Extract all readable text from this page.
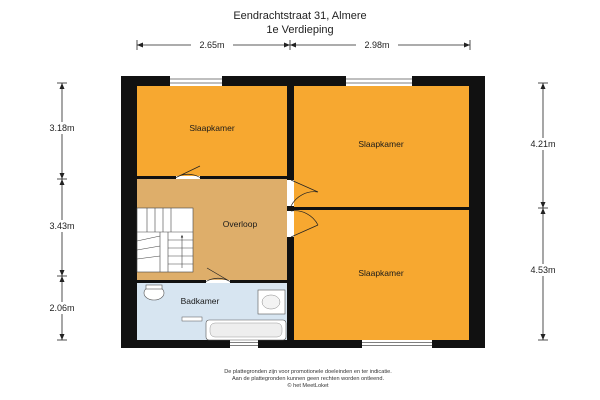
Eendrachtstraat 31, Almere
1e Verdieping
2.65m	2.98m
3.18m
3.43m
2.06m
4.21m
4.53m
Slaapkamer
Slaapkamer
Overloop
Slaapkamer
Badkamer
De plattegronden zijn voor promotionele doeleinden en ter indicatie.
Aan de plattegronden kunnen geen rechten worden ontleend.
© het MeetLoket
